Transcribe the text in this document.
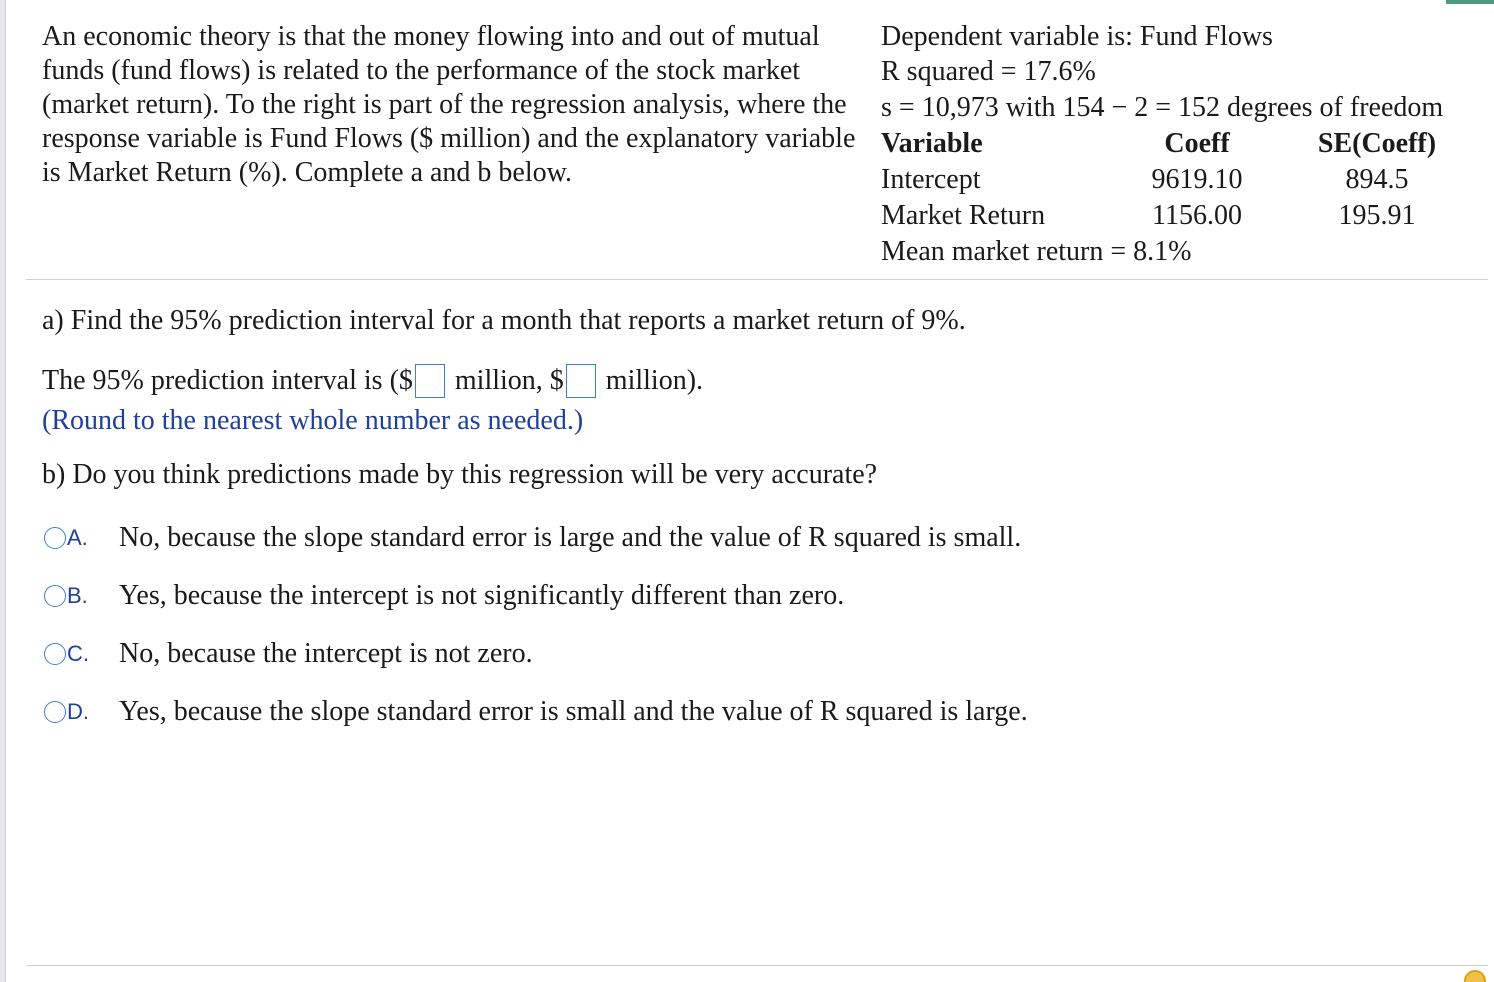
An economic theory is that the money flowing into and out of mutual funds (fund flows) is related to the performance of the stock market (market return). To the right is part of the regression analysis, where the response variable is Fund Flows ($ million) and the explanatory variable is Market Return (%). Complete a and b below.

Dependent variable is: Fund Flows
R squared = 17.6%
s = 10,973 with 154 − 2 = 152 degrees of freedom
Variable	Coeff	SE(Coeff)
Intercept	9619.10	894.5
Market Return	1156.00	195.91
Mean market return = 8.1%

a) Find the 95% prediction interval for a month that reports a market return of 9%.

The 95% prediction interval is ($ million, $ million).

(Round to the nearest whole number as needed.)

b) Do you think predictions made by this regression will be very accurate?

A.	No, because the slope standard error is large and the value of R squared is small.
B.	Yes, because the intercept is not significantly different than zero.
C.	No, because the intercept is not zero.
D.	Yes, because the slope standard error is small and the value of R squared is large.
